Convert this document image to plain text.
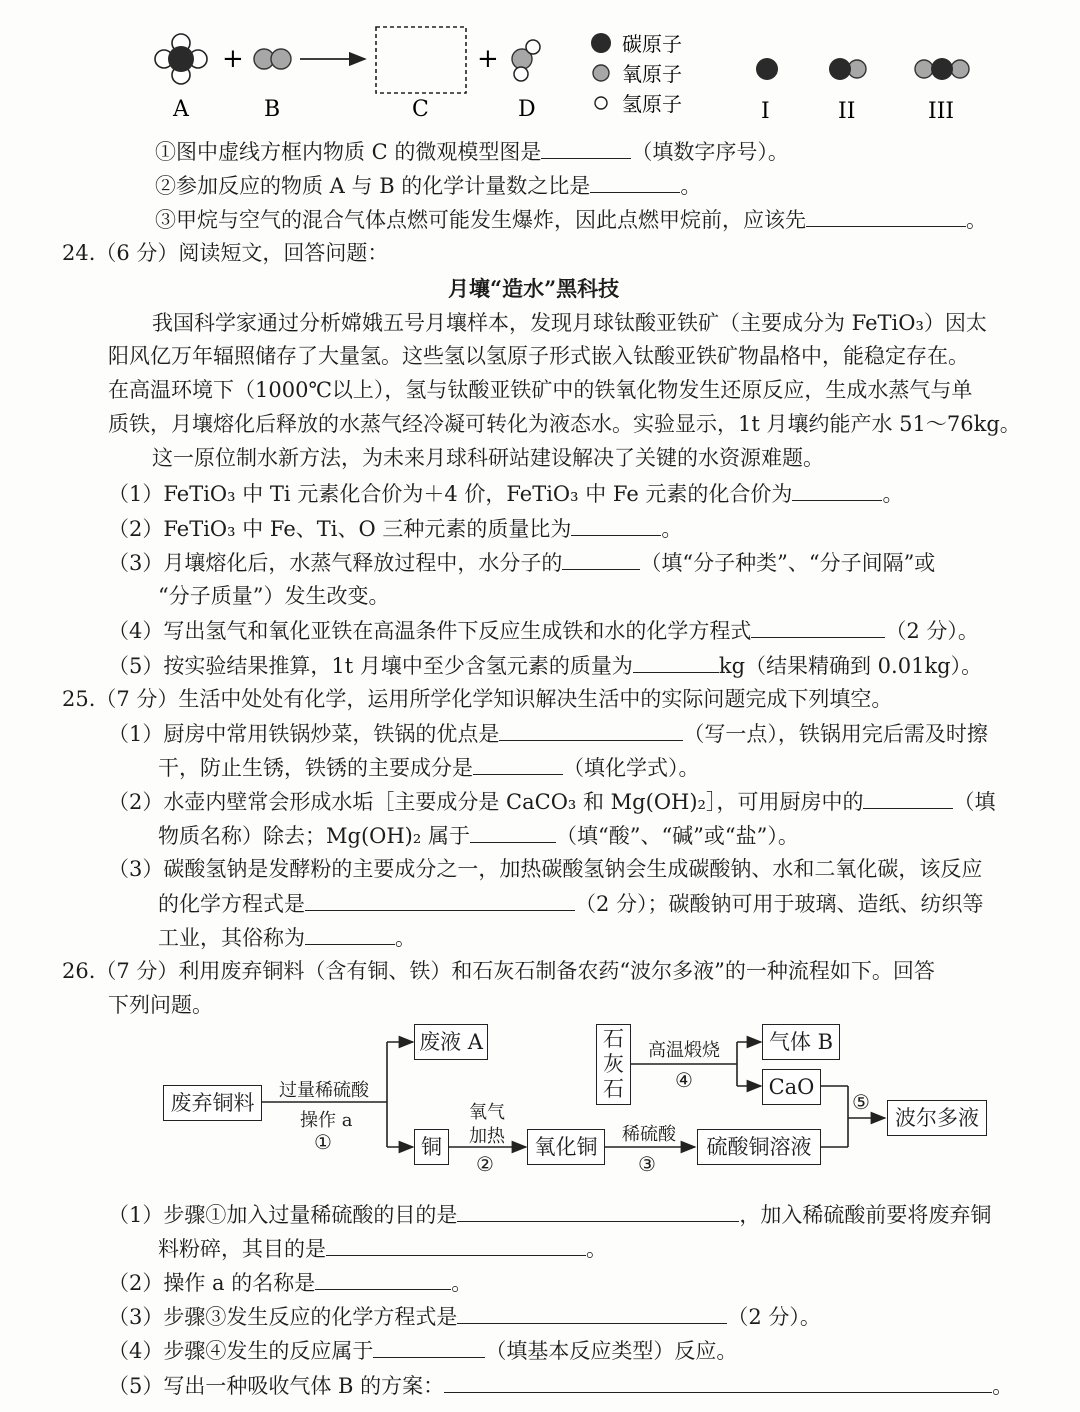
+	+
A	B	C	D
碳原子
氧原子
氢原子	I	II	III
①图中虚线方框内物质 C 的微观模型图是	（填数字序号）。
②参加反应的物质 A 与 B 的化学计量数之比是	。
③甲烷与空气的混合气体点燃可能发生爆炸，因此点燃甲烷前，应该先	。
24.（6 分）阅读短文，回答问题：
月壤“造水”黑科技
我国科学家通过分析嫦娥五号月壤样本，发现月球钛酸亚铁矿（主要成分为 FeTiO₃）因太
阳风亿万年辐照储存了大量氢。这些氢以氢原子形式嵌入钛酸亚铁矿物晶格中，能稳定存在。
在高温环境下（1000℃以上），氢与钛酸亚铁矿中的铁氧化物发生还原反应，生成水蒸气与单
质铁，月壤熔化后释放的水蒸气经冷凝可转化为液态水。实验显示，1t 月壤约能产水 51～76kg。
这一原位制水新方法，为未来月球科研站建设解决了关键的水资源难题。
（1）FeTiO₃ 中 Ti 元素化合价为＋4 价，FeTiO₃ 中 Fe 元素的化合价为	。
（2）FeTiO₃ 中 Fe、Ti、O 三种元素的质量比为	。
（3）月壤熔化后，水蒸气释放过程中，水分子的	（填“分子种类”、“分子间隔”或
“分子质量”）发生改变。
（4）写出氢气和氧化亚铁在高温条件下反应生成铁和水的化学方程式	（2 分）。
（5）按实验结果推算，1t 月壤中至少含氢元素的质量为	kg（结果精确到 0.01kg）。
25.（7 分）生活中处处有化学，运用所学化学知识解决生活中的实际问题完成下列填空。
（1）厨房中常用铁锅炒菜，铁锅的优点是	（写一点），铁锅用完后需及时擦
干，防止生锈，铁锈的主要成分是	（填化学式）。
（2）水壶内壁常会形成水垢［主要成分是 CaCO₃ 和 Mg(OH)₂］，可用厨房中的	（填
物质名称）除去；Mg(OH)₂ 属于	（填“酸”、“碱”或“盐”）。
（3）碳酸氢钠是发酵粉的主要成分之一，加热碳酸氢钠会生成碳酸钠、水和二氧化碳，该反应
的化学方程式是	（2 分）；碳酸钠可用于玻璃、造纸、纺织等
工业，其俗称为	。
26.（7 分）利用废弃铜料（含有铜、铁）和石灰石制备农药“波尔多液”的一种流程如下。回答
下列问题。
废弃铜料
废液 A
铜	氧化铜	硫酸铜溶液
石
灰
石
气体 B
CaO
波尔多液
过量稀硫酸
操作 a
①
氧气
加热
②
稀硫酸
③
高温煅烧
④
⑤
（1）步骤①加入过量稀硫酸的目的是	，加入稀硫酸前要将废弃铜
料粉碎，其目的是	。
（2）操作 a 的名称是	。
（3）步骤③发生反应的化学方程式是	（2 分）。
（4）步骤④发生的反应属于	（填基本反应类型）反应。
（5）写出一种吸收气体 B 的方案：	。
